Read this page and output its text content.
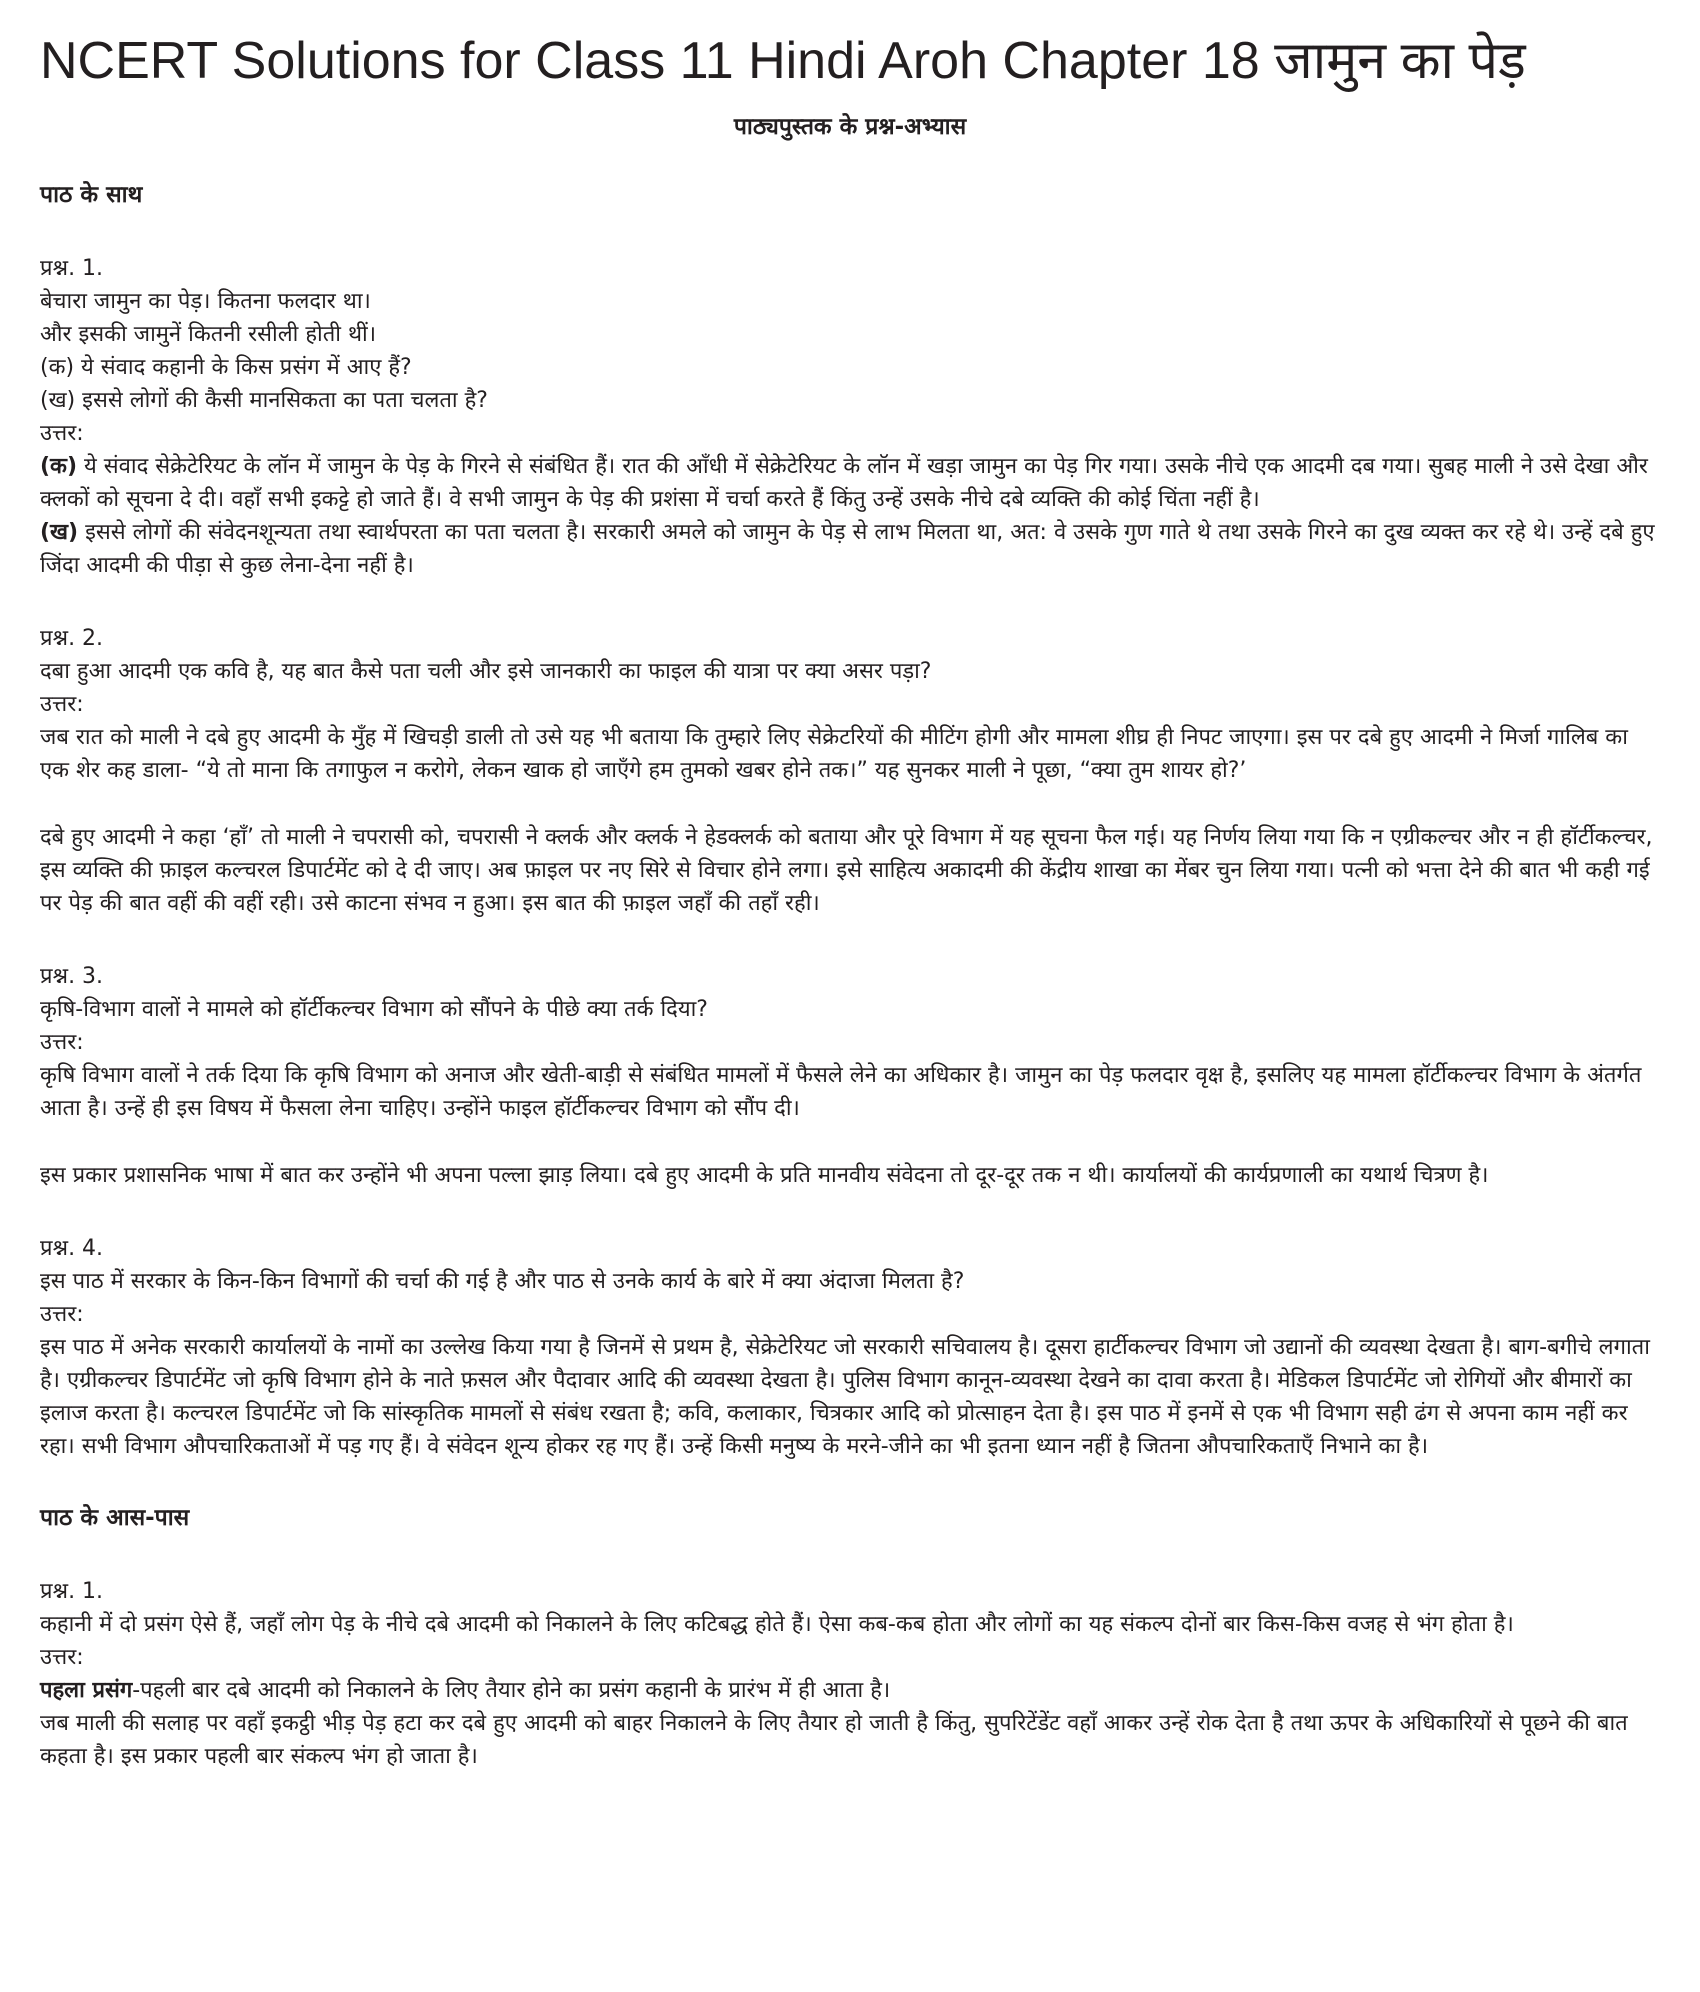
NCERT Solutions for Class 11 Hindi Aroh Chapter 18 जामुन का पेड़
पाठ्यपुस्तक के प्रश्न-अभ्यास
पाठ के साथ

प्रश्न. 1.

बेचारा जामुन का पेड़। कितना फलदार था।

और इसकी जामुनें कितनी रसीली होती थीं।

(क) ये संवाद कहानी के किस प्रसंग में आए हैं?

(ख) इससे लोगों की कैसी मानसिकता का पता चलता है?

उत्तर:

(क) ये संवाद सेक्रेटेरियट के लॉन में जामुन के पेड़ के गिरने से संबंधित हैं। रात की आँधी में सेक्रेटेरियट के लॉन में खड़ा जामुन का पेड़ गिर गया। उसके नीचे एक आदमी दब गया। सुबह माली ने उसे देखा और क्लकों को सूचना दे दी। वहाँ सभी इकट्टे हो जाते हैं। वे सभी जामुन के पेड़ की प्रशंसा में चर्चा करते हैं किंतु उन्हें उसके नीचे दबे व्यक्ति की कोई चिंता नहीं है।

(ख) इससे लोगों की संवेदनशून्यता तथा स्वार्थपरता का पता चलता है। सरकारी अमले को जामुन के पेड़ से लाभ मिलता था, अत: वे उसके गुण गाते थे तथा उसके गिरने का दुख व्यक्त कर रहे थे। उन्हें दबे हुए जिंदा आदमी की पीड़ा से कुछ लेना-देना नहीं है।

प्रश्न. 2.

दबा हुआ आदमी एक कवि है, यह बात कैसे पता चली और इसे जानकारी का फाइल की यात्रा पर क्या असर पड़ा?

उत्तर:

जब रात को माली ने दबे हुए आदमी के मुँह में खिचड़ी डाली तो उसे यह भी बताया कि तुम्हारे लिए सेक्रेटरियों की मीटिंग होगी और मामला शीघ्र ही निपट जाएगा। इस पर दबे हुए आदमी ने मिर्जा गालिब का एक शेर कह डाला- “ये तो माना कि तगाफुल न करोगे, लेकन खाक हो जाएँगे हम तुमको खबर होने तक।” यह सुनकर माली ने पूछा, “क्या तुम शायर हो?’

दबे हुए आदमी ने कहा ‘हाँ’ तो माली ने चपरासी को, चपरासी ने क्लर्क और क्लर्क ने हेडक्लर्क को बताया और पूरे विभाग में यह सूचना फैल गई। यह निर्णय लिया गया कि न एग्रीकल्चर और न ही हॉर्टीकल्चर, इस व्यक्ति की फ़ाइल कल्चरल डिपार्टमेंट को दे दी जाए। अब फ़ाइल पर नए सिरे से विचार होने लगा। इसे साहित्य अकादमी की केंद्रीय शाखा का मेंबर चुन लिया गया। पत्नी को भत्ता देने की बात भी कही गई पर पेड़ की बात वहीं की वहीं रही। उसे काटना संभव न हुआ। इस बात की फ़ाइल जहाँ की तहाँ रही।

प्रश्न. 3.

कृषि-विभाग वालों ने मामले को हॉर्टीकल्चर विभाग को सौंपने के पीछे क्या तर्क दिया?

उत्तर:

कृषि विभाग वालों ने तर्क दिया कि कृषि विभाग को अनाज और खेती-बाड़ी से संबंधित मामलों में फैसले लेने का अधिकार है। जामुन का पेड़ फलदार वृक्ष है, इसलिए यह मामला हॉर्टीकल्चर विभाग के अंतर्गत आता है। उन्हें ही इस विषय में फैसला लेना चाहिए। उन्होंने फाइल हॉर्टीकल्चर विभाग को सौंप दी।

इस प्रकार प्रशासनिक भाषा में बात कर उन्होंने भी अपना पल्ला झाड़ लिया। दबे हुए आदमी के प्रति मानवीय संवेदना तो दूर-दूर तक न थी। कार्यालयों की कार्यप्रणाली का यथार्थ चित्रण है।

प्रश्न. 4.

इस पाठ में सरकार के किन-किन विभागों की चर्चा की गई है और पाठ से उनके कार्य के बारे में क्या अंदाजा मिलता है?

उत्तर:

इस पाठ में अनेक सरकारी कार्यालयों के नामों का उल्लेख किया गया है जिनमें से प्रथम है, सेक्रेटेरियट जो सरकारी सचिवालय है। दूसरा हार्टीकल्चर विभाग जो उद्यानों की व्यवस्था देखता है। बाग-बगीचे लगाता है। एग्रीकल्चर डिपार्टमेंट जो कृषि विभाग होने के नाते फ़सल और पैदावार आदि की व्यवस्था देखता है। पुलिस विभाग कानून-व्यवस्था देखने का दावा करता है। मेडिकल डिपार्टमेंट जो रोगियों और बीमारों का इलाज करता है। कल्चरल डिपार्टमेंट जो कि सांस्कृतिक मामलों से संबंध रखता है; कवि, कलाकार, चित्रकार आदि को प्रोत्साहन देता है। इस पाठ में इनमें से एक भी विभाग सही ढंग से अपना काम नहीं कर रहा। सभी विभाग औपचारिकताओं में पड़ गए हैं। वे संवेदन शून्य होकर रह गए हैं। उन्हें किसी मनुष्य के मरने-जीने का भी इतना ध्यान नहीं है जितना औपचारिकताएँ निभाने का है।

पाठ के आस-पास

प्रश्न. 1.

कहानी में दो प्रसंग ऐसे हैं, जहाँ लोग पेड़ के नीचे दबे आदमी को निकालने के लिए कटिबद्ध होते हैं। ऐसा कब-कब होता और लोगों का यह संकल्प दोनों बार किस-किस वजह से भंग होता है।

उत्तर:

पहला प्रसंग-पहली बार दबे आदमी को निकालने के लिए तैयार होने का प्रसंग कहानी के प्रारंभ में ही आता है।

जब माली की सलाह पर वहाँ इकट्ठी भीड़ पेड़ हटा कर दबे हुए आदमी को बाहर निकालने के लिए तैयार हो जाती है किंतु, सुपरिटेंडेंट वहाँ आकर उन्हें रोक देता है तथा ऊपर के अधिकारियों से पूछने की बात कहता है। इस प्रकार पहली बार संकल्प भंग हो जाता है।
